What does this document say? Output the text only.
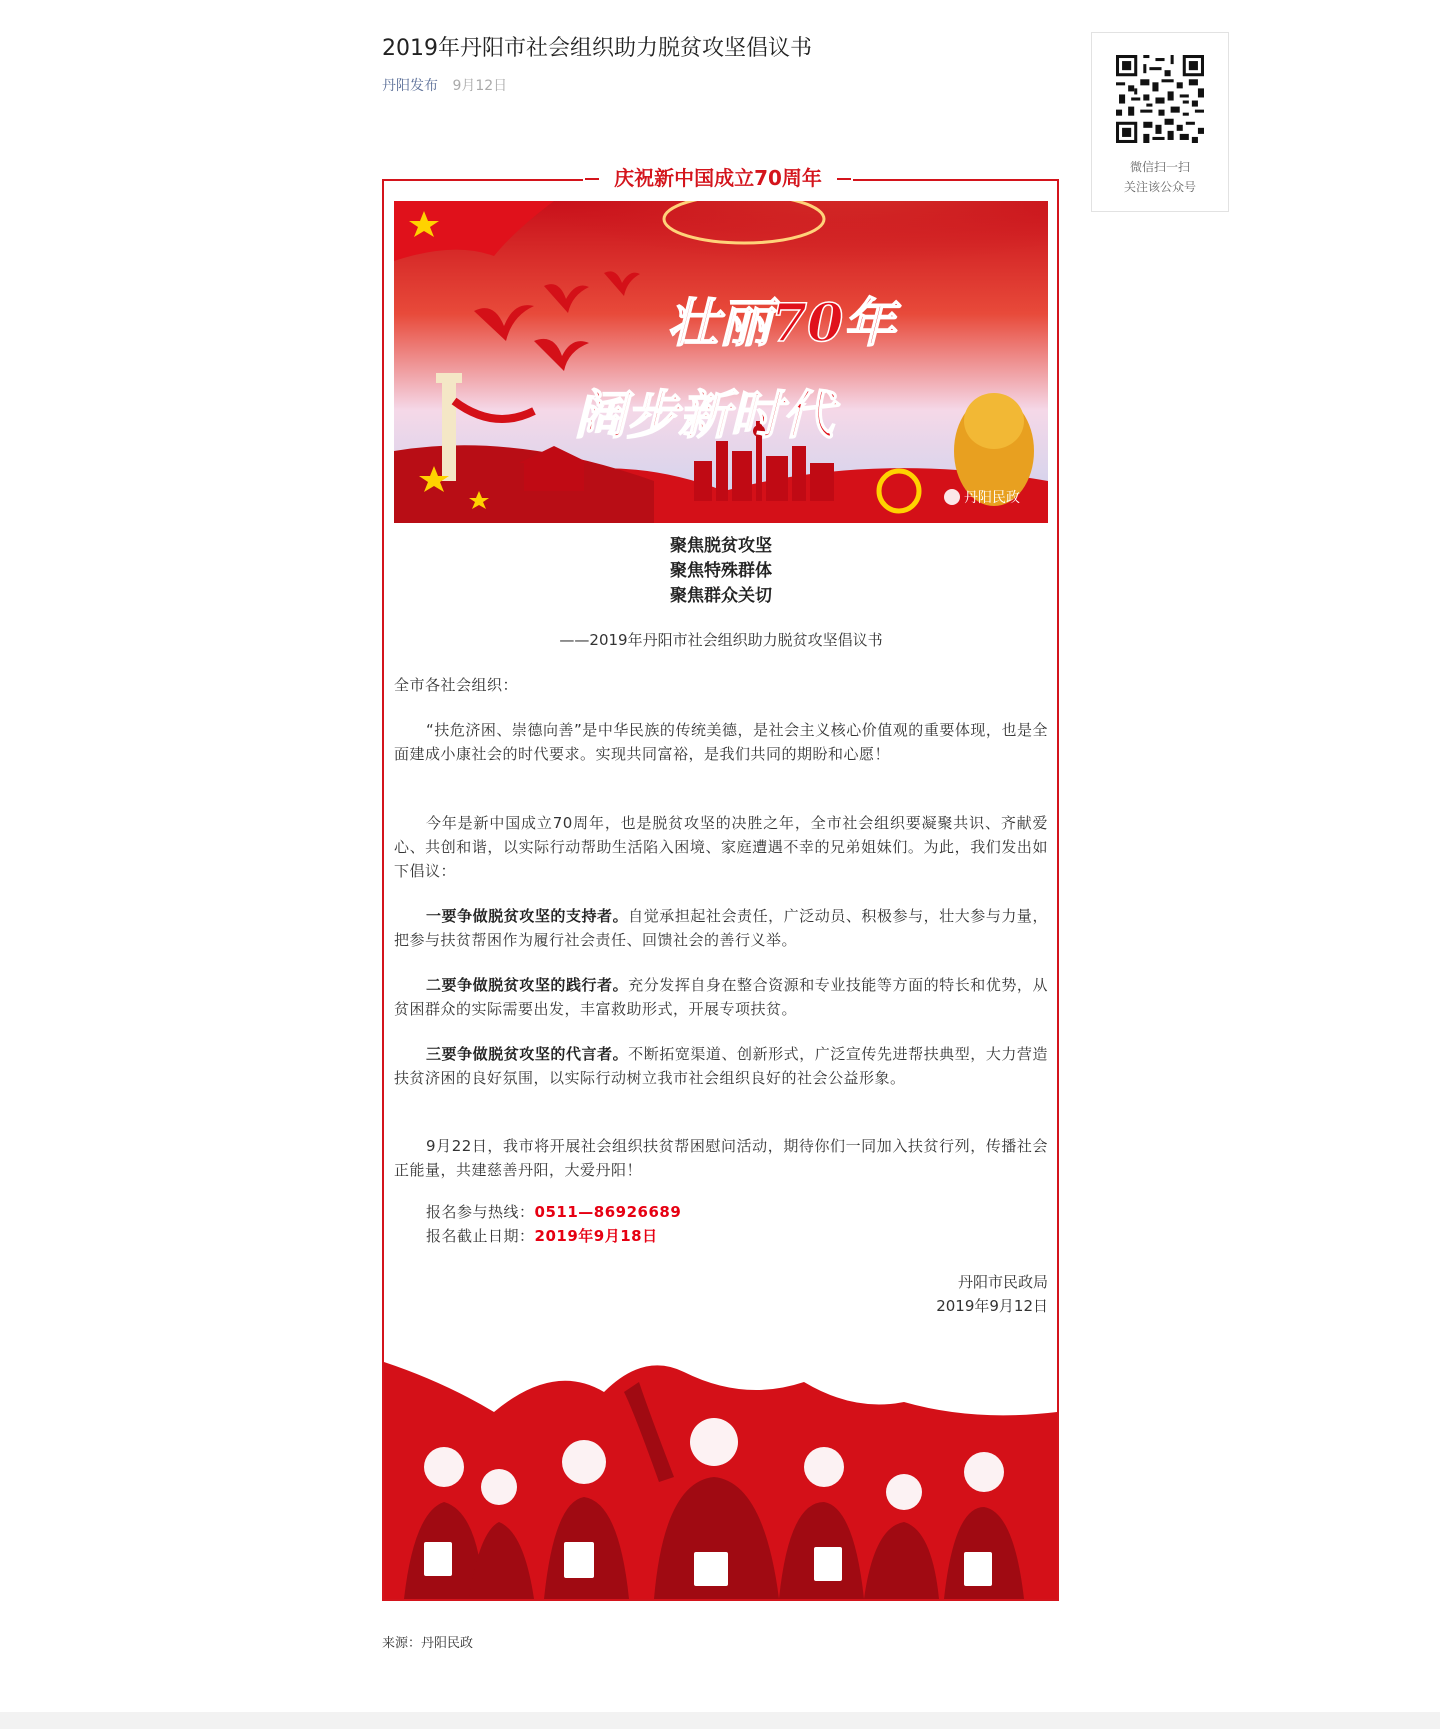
2019年丹阳市社会组织助力脱贫攻坚倡议书
丹阳发布 9月12日
微信扫一扫
关注该公众号
庆祝新中国成立70周年
壮丽70年
阔步新时代
丹阳民政
聚焦脱贫攻坚
聚焦特殊群体
聚焦群众关切
——2019年丹阳市社会组织助力脱贫攻坚倡议书
全市各社会组织：
“扶危济困、崇德向善”是中华民族的传统美德，是社会主义核心价值观的重要体现，也是全面建成小康社会的时代要求。实现共同富裕，是我们共同的期盼和心愿！
今年是新中国成立70周年，也是脱贫攻坚的决胜之年，全市社会组织要凝聚共识、齐献爱心、共创和谐，以实际行动帮助生活陷入困境、家庭遭遇不幸的兄弟姐妹们。为此，我们发出如下倡议：
一要争做脱贫攻坚的支持者。自觉承担起社会责任，广泛动员、积极参与，壮大参与力量，把参与扶贫帮困作为履行社会责任、回馈社会的善行义举。
二要争做脱贫攻坚的践行者。充分发挥自身在整合资源和专业技能等方面的特长和优势，从贫困群众的实际需要出发，丰富救助形式，开展专项扶贫。
三要争做脱贫攻坚的代言者。不断拓宽渠道、创新形式，广泛宣传先进帮扶典型，大力营造扶贫济困的良好氛围，以实际行动树立我市社会组织良好的社会公益形象。
9月22日，我市将开展社会组织扶贫帮困慰问活动，期待你们一同加入扶贫行列，传播社会正能量，共建慈善丹阳，大爱丹阳！
报名参与热线：0511—86926689
报名截止日期：2019年9月18日
丹阳市民政局
2019年9月12日
来源：丹阳民政
